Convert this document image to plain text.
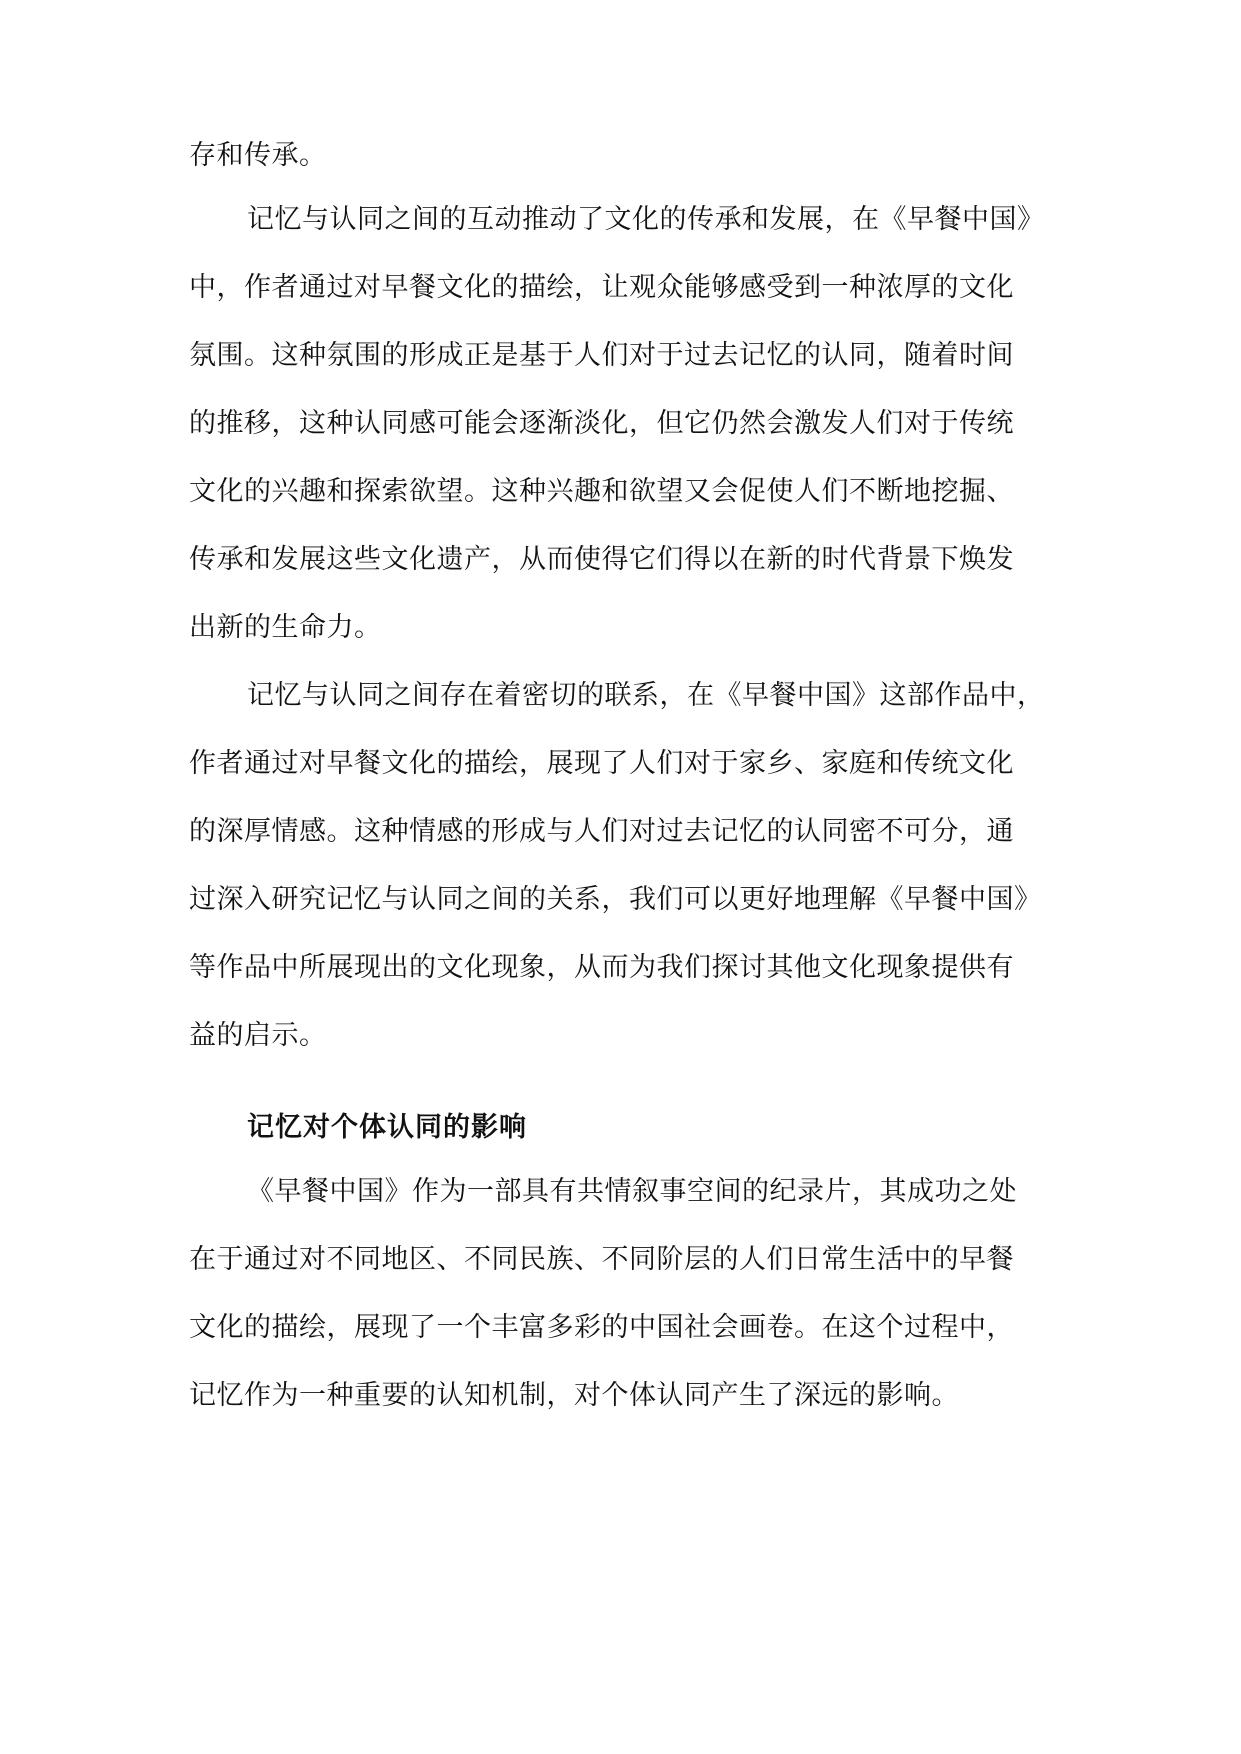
存和传承。
记忆与认同之间的互动推动了文化的传承和发展，在《早餐中国》
中，作者通过对早餐文化的描绘，让观众能够感受到一种浓厚的文化
氛围。这种氛围的形成正是基于人们对于过去记忆的认同，随着时间
的推移，这种认同感可能会逐渐淡化，但它仍然会激发人们对于传统
文化的兴趣和探索欲望。这种兴趣和欲望又会促使人们不断地挖掘、
传承和发展这些文化遗产，从而使得它们得以在新的时代背景下焕发
出新的生命力。
记忆与认同之间存在着密切的联系，在《早餐中国》这部作品中，
作者通过对早餐文化的描绘，展现了人们对于家乡、家庭和传统文化
的深厚情感。这种情感的形成与人们对过去记忆的认同密不可分，通
过深入研究记忆与认同之间的关系，我们可以更好地理解《早餐中国》
等作品中所展现出的文化现象，从而为我们探讨其他文化现象提供有
益的启示。
记忆对个体认同的影响
《早餐中国》作为一部具有共情叙事空间的纪录片，其成功之处
在于通过对不同地区、不同民族、不同阶层的人们日常生活中的早餐
文化的描绘，展现了一个丰富多彩的中国社会画卷。在这个过程中，
记忆作为一种重要的认知机制，对个体认同产生了深远的影响。
